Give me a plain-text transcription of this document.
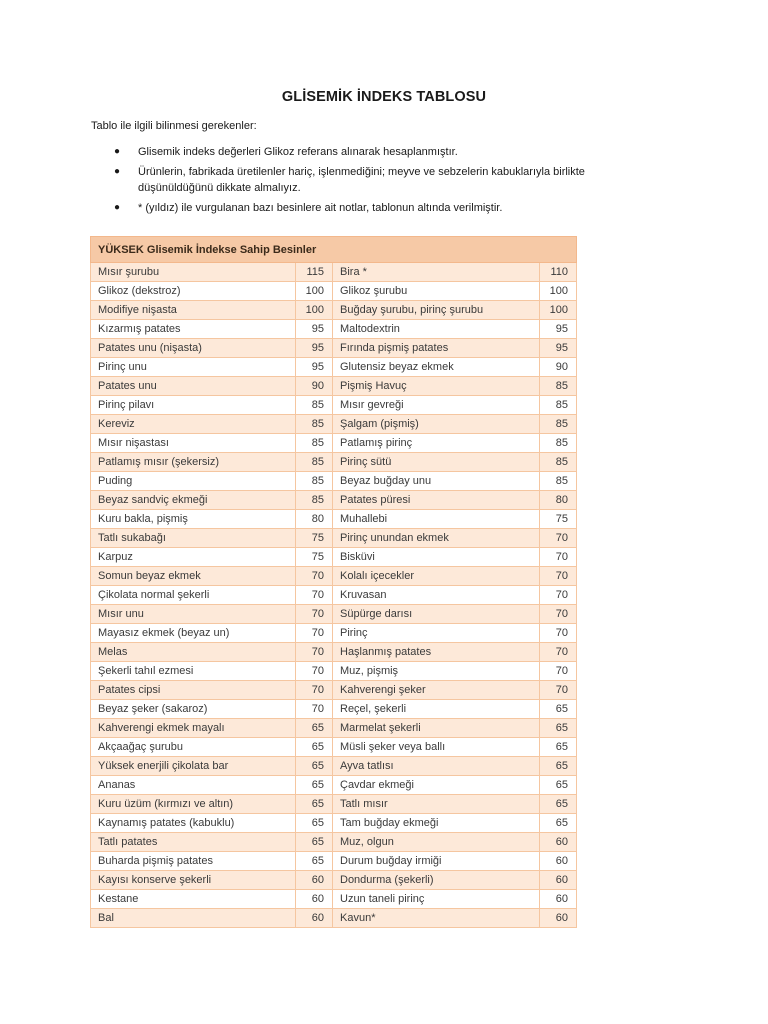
GLİSEMİK İNDEKS TABLOSU
Tablo ile ilgili bilinmesi gerekenler:
● Glisemik indeks değerleri Glikoz referans alınarak hesaplanmıştır.
● Ürünlerin, fabrikada üretilenler hariç, işlenmediğini; meyve ve sebzelerin kabuklarıyla birlikte düşünüldüğünü dikkate almalıyız.
● * (yıldız) ile vurgulanan bazı besinlere ait notlar, tablonun altında verilmiştir.
YÜKSEK Glisemik İndekse Sahip Besinler			
Mısır şurubu	115	Bira *	110
Glikoz (dekstroz)	100	Glikoz şurubu	100
Modifiye nişasta	100	Buğday şurubu, pirinç şurubu	100
Kızarmış patates	95	Maltodextrin	95
Patates unu (nişasta)	95	Fırında pişmiş patates	95
Pirinç unu	95	Glutensiz beyaz ekmek	90
Patates unu	90	Pişmiş Havuç	85
Pirinç pilavı	85	Mısır gevreği	85
Kereviz	85	Şalgam (pişmiş)	85
Mısır nişastası	85	Patlamış pirinç	85
Patlamış mısır (şekersiz)	85	Pirinç sütü	85
Puding	85	Beyaz buğday unu	85
Beyaz sandviç ekmeği	85	Patates püresi	80
Kuru bakla, pişmiş	80	Muhallebi	75
Tatlı sukabağı	75	Pirinç unundan ekmek	70
Karpuz	75	Bisküvi	70
Somun beyaz ekmek	70	Kolalı içecekler	70
Çikolata normal şekerli	70	Kruvasan	70
Mısır unu	70	Süpürge darısı	70
Mayasız ekmek (beyaz un)	70	Pirinç	70
Melas	70	Haşlanmış patates	70
Şekerli tahıl ezmesi	70	Muz, pişmiş	70
Patates cipsi	70	Kahverengi şeker	70
Beyaz şeker (sakaroz)	70	Reçel, şekerli	65
Kahverengi ekmek mayalı	65	Marmelat şekerli	65
Akçaağaç şurubu	65	Müsli şeker veya ballı	65
Yüksek enerjili çikolata bar	65	Ayva tatlısı	65
Ananas	65	Çavdar ekmeği	65
Kuru üzüm (kırmızı ve altın)	65	Tatlı mısır	65
Kaynamış patates (kabuklu)	65	Tam buğday ekmeği	65
Tatlı patates	65	Muz, olgun	60
Buharda pişmiş patates	65	Durum buğday irmiği	60
Kayısı konserve şekerli	60	Dondurma (şekerli)	60
Kestane	60	Uzun taneli pirinç	60
Bal	60	Kavun*	60
